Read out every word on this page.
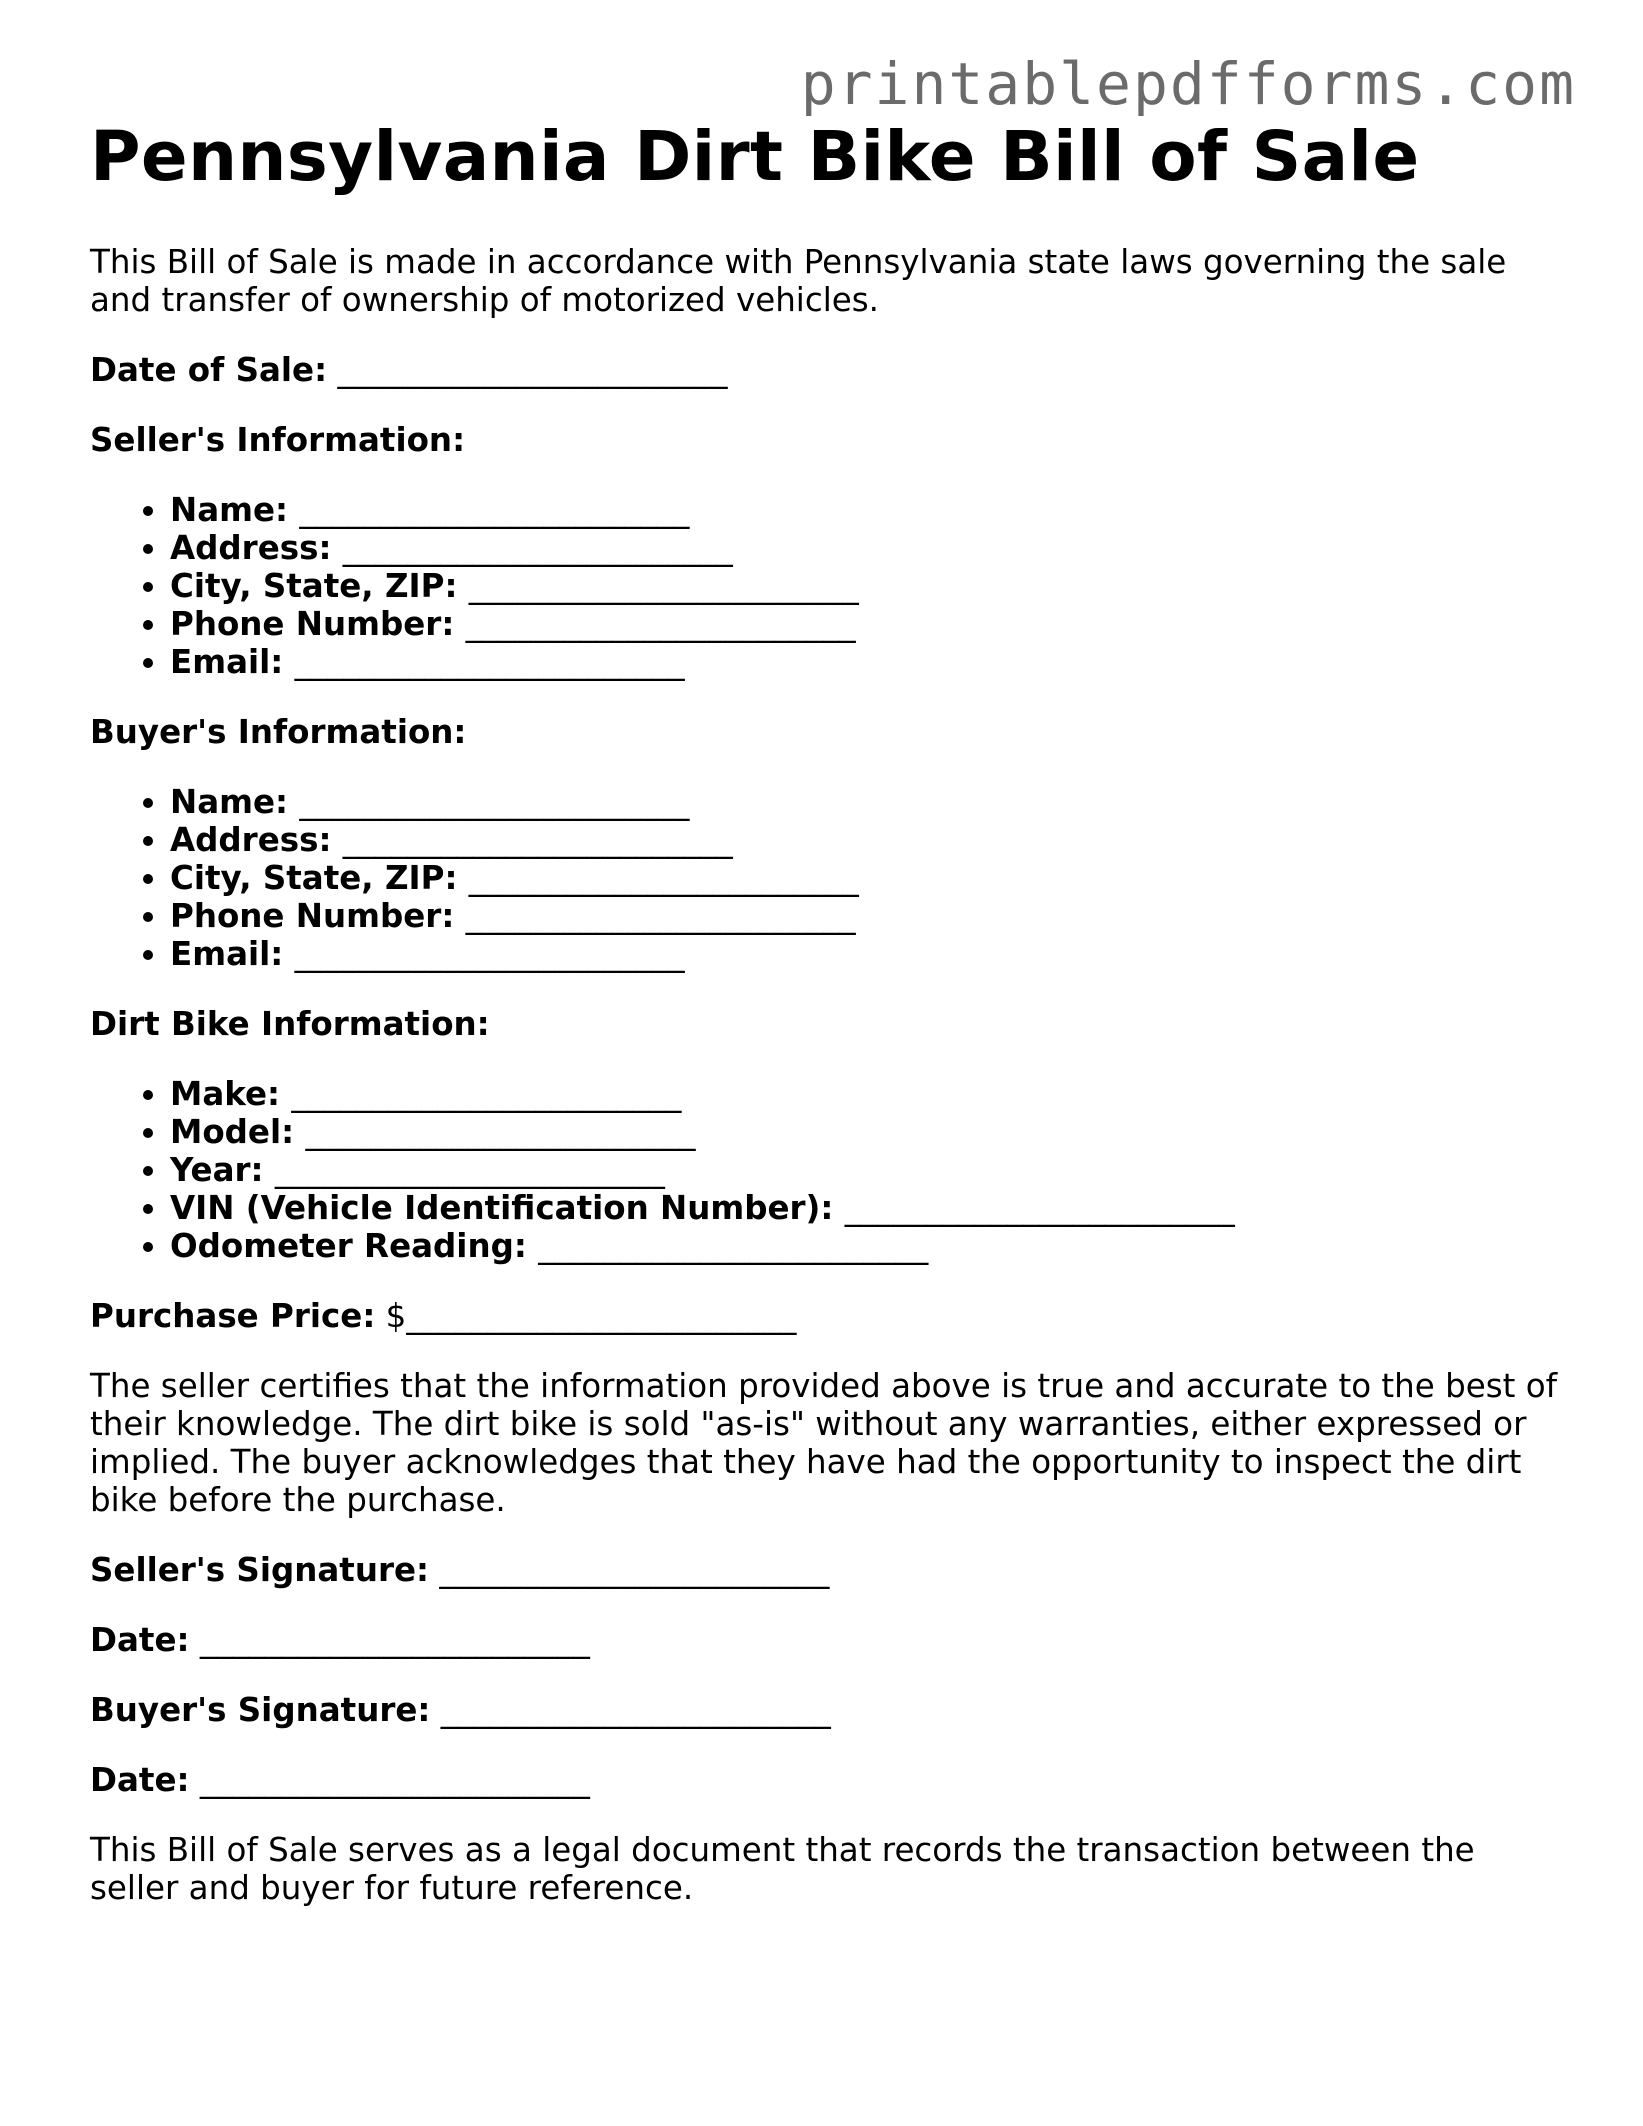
printablepdfforms.com
Pennsylvania Dirt Bike Bill of Sale

This Bill of Sale is made in accordance with Pennsylvania state laws governing the sale and transfer of ownership of motorized vehicles.

Date of Sale: ________________________

Seller's Information:

• Name: ________________________
• Address: ________________________
• City, State, ZIP: ________________________
• Phone Number: ________________________
• Email: ________________________

Buyer's Information:

• Name: ________________________
• Address: ________________________
• City, State, ZIP: ________________________
• Phone Number: ________________________
• Email: ________________________

Dirt Bike Information:

• Make: ________________________
• Model: ________________________
• Year: ________________________
• VIN (Vehicle Identification Number): ________________________
• Odometer Reading: ________________________

Purchase Price: $________________________

The seller certifies that the information provided above is true and accurate to the best of their knowledge. The dirt bike is sold "as-is" without any warranties, either expressed or implied. The buyer acknowledges that they have had the opportunity to inspect the dirt bike before the purchase.

Seller's Signature: ________________________

Date: ________________________

Buyer's Signature: ________________________

Date: ________________________

This Bill of Sale serves as a legal document that records the transaction between the seller and buyer for future reference.
